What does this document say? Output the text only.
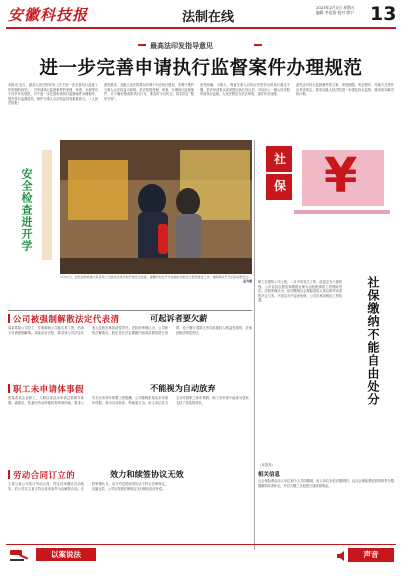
安徽科技报	法制在线
2023年2月3日 星期五
编辑 李佳贤 校对 徐宁 13
最高法印发指导意见
进一步完善申请执行监督案件办理规范
本报讯 近日，最高人民法院印发《关于进一步完善执行监督工作机制的意见》，对申请执行监督案件的受理、审查、办理等各个环节作出规范，对于进一步完善申请执行监督案件办理程序，提升执行监督质效，维护当事人合法权益具有重要意义。（人民法院报）
意见要求，各级人民法院要以有利于纠正执行错误、有利于维护当事人合法权益为原则，依法依规受理、审查、办理执行监督案件，对于确有错误的执行行为，要及时予以纠正，切实防止“程序空转”。
意见明确，当事人、利害关系人对执行法院作出的执行裁定不服，依法申请复议或者提出执行异议后，可以向上一级人民法院申请执行监督。人民法院应当依法审查，及时作出处理。
意见还对执行监督案件的立案、审查期限、听证程序、结案方式等作出具体规定，要求各级人民法院进一步强化执行监督，推动切实解决执行难。
安全检查进开学
社保 ¥
1月31日，泗县消防救援大队宣传人员到该县某学校开展安全检查，提醒学校在开学前做好消防安全隐患排查工作，确保师生开学后的消防安全。
孟为摄
公司被强制解散法定代表清	可起诉者要欠薪
周某系某公司员工，在职期间公司拖欠其工资，后该公司被强制解散。周某诉至法院，要求该公司法定代表人及股东承担清偿责任。法院经审理认为，公司被依法解散后，股东应在法定期限内组成清算组进行清算，怠于履行清算义务导致债权人利益受损的，应承担相应赔偿责任。
职工未申请体事假	不能视为自动放弃
张某系某企业职工，入职以来从未申请过带薪年休假。离职后，张某向劳动仲裁机构申请仲裁，要求公司支付未休年休假工资报酬。公司辩称张某从未申请年休假，视为自动放弃。仲裁委认为，用人单位应当主动安排职工休年休假，职工未申请不能视为放弃，支持了张某的请求。
劳动合同订立的	效力和续签协议无效
王某与某公司签订劳动合同，约定试用期后自动续签。后公司以王某不符合录用条件为由解除合同。法院审理认为，双方约定的续签协议不符合法律规定，应属无效，公司应按照法律规定支付相应经济补偿。
职工在建筑公司上班，二月中旬发生工伤，经鉴定为十级伤残。公司以其自愿放弃缴纳社保为由拒绝承担工伤保险责任。法院审理认为，依法缴纳社会保险是用人单位和劳动者的法定义务，不因双方约定而免除，公司应承担相应工伤待遇。	社保缴纳不能自由处分
（宋喜寿）
相关信息
社会保险费由用人单位和个人共同缴纳，用人单位未依法缴纳的，由社会保险费征收机构责令限期缴纳或者补足，并自欠缴之日起按日加收滞纳金。
以案说法	声音
